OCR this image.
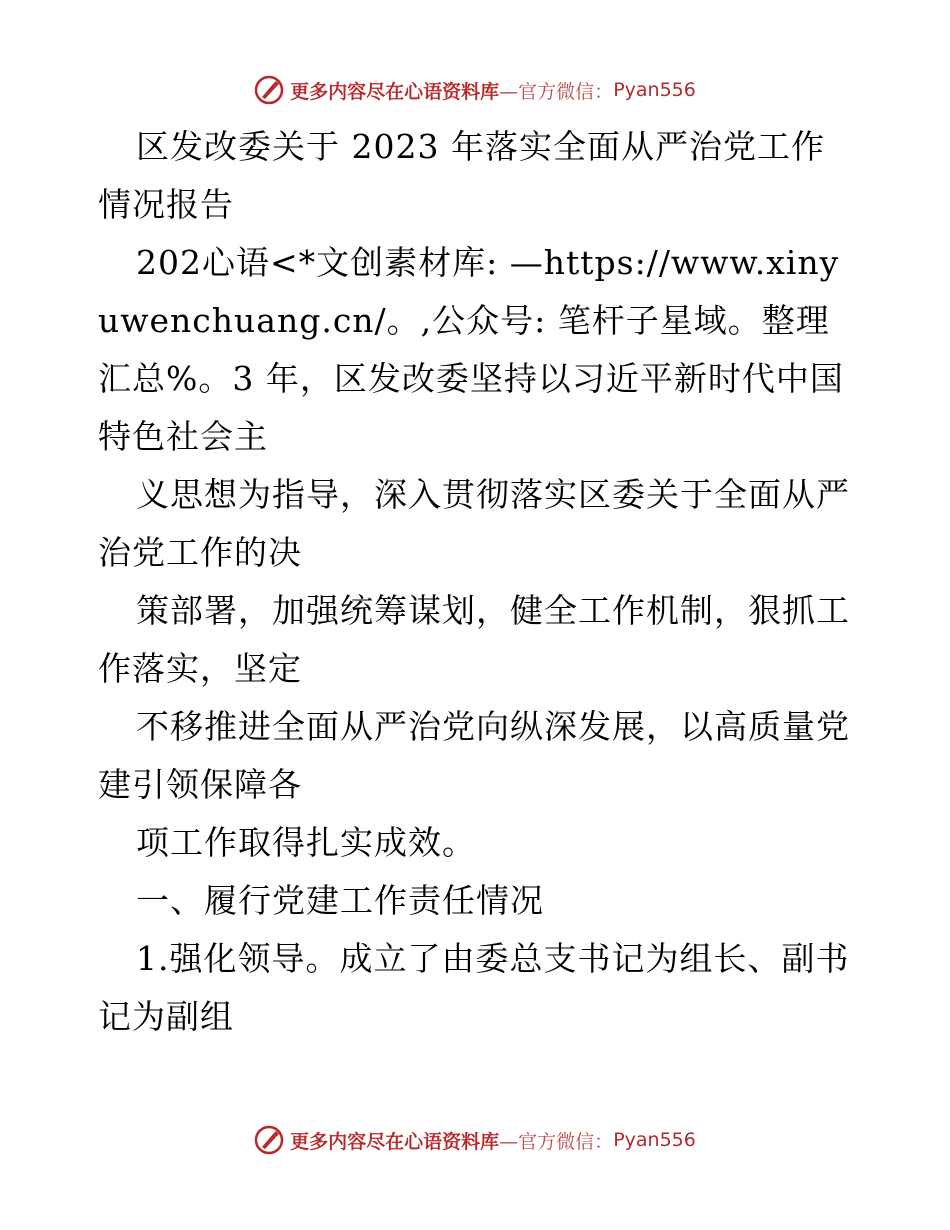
更多内容尽在心语资料库 —官方微信： Pyan556

区发改委关于 2023 年落实全面从严治党工作情况报告

202心语<*文创素材库: —https://www.xinyuwenchuang.cn/。,公众号: 笔杆子星域。整理汇总%。3 年，区发改委坚持以习近平新时代中国特色社会主

义思想为指导，深入贯彻落实区委关于全面从严治党工作的决

策部署，加强统筹谋划，健全工作机制，狠抓工作落实，坚定

不移推进全面从严治党向纵深发展，以高质量党建引领保障各

项工作取得扎实成效。

一、履行党建工作责任情况

1.强化领导。成立了由委总支书记为组长、副书记为副组

更多内容尽在心语资料库 —官方微信： Pyan556
